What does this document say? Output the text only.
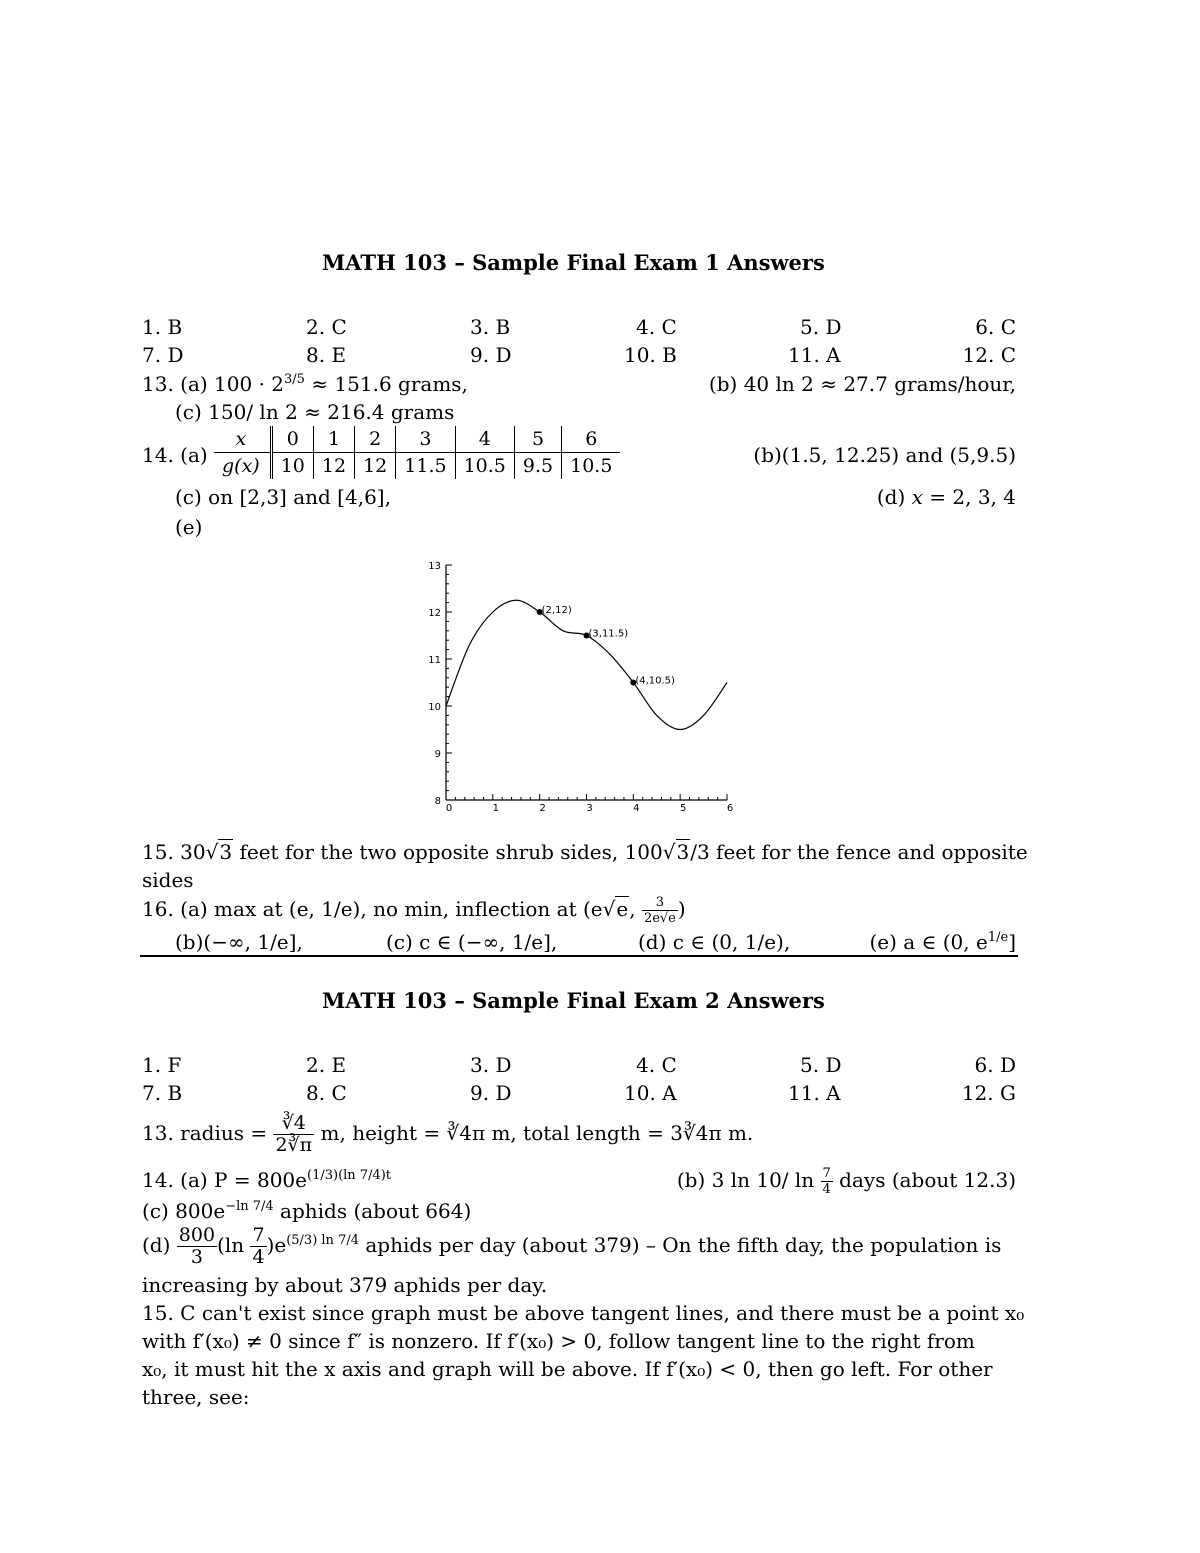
MATH 103 – Sample Final Exam 1 Answers
1. B	2. C	3. B	4. C	5. D	6. C
7. D	8. E	9. D	10. B	11. A	12. C
13. (a) $100 \cdot 2^{3/5} \approx 151.6$ grams,	(b) 40 ln 2 ≈ 27.7 grams/hour,
(c) 150/ ln 2 ≈ 216.4 grams
14. (a)
x	0	1	2	3	4	5	6
g(x)	10	12	12	11.5	10.5	9.5	10.5	(b)(1.5, 12.25) and (5,9.5)
(c) on [2,3] and [4,6],	(d) x = 2, 3, 4
(e)
0	1	2	3	4	5	6
8
9
10
11
12
13
(2,12)
(3,11.5)
(4,10.5)
15. 30√3 feet for the two opposite shrub sides, 100√3/3 feet for the fence and opposite
sides
16. (a) max at (e, 1/e), no min, inflection at (e√e, $\frac{3}{2e√e}$ )
(b)(−∞, 1/e],	(c) c ∈ (−∞, 1/e],	(d) c ∈ (0, 1/e),	(e) a ∈ (0, $e^{1/e}$]
MATH 103 – Sample Final Exam 2 Answers
1. F	2. E	3. D	4. C	5. D	6. D
7. B	8. C	9. D	10. A	11. A	12. G
13. radius = $\frac{∛4}{2∛\pi} m$, height = ∛4π m, total length = 3∛4π m.
14. (a) $P = 800e^{(1/3)(ln 7/4)t}$	(b) 3 ln 10/ $\ln \frac{7}{4}$ days (about 12.3)
(c) $800e^{-ln 7/4}$ aphids (about 664)
$(d) \frac{800}{3} (\ln \frac{7}{4} )e^{(5/3) ln 7/4}$ aphids per day (about 379) – On the fifth day, the population is
increasing by about 379 aphids per day.
15. C can't exist since graph must be above tangent lines, and there must be a point x₀
with f′(x₀) ≠ 0 since f″ is nonzero. If f′(x₀) > 0, follow tangent line to the right from
x₀, it must hit the x axis and graph will be above. If f′(x₀) < 0, then go left. For other
three, see:
